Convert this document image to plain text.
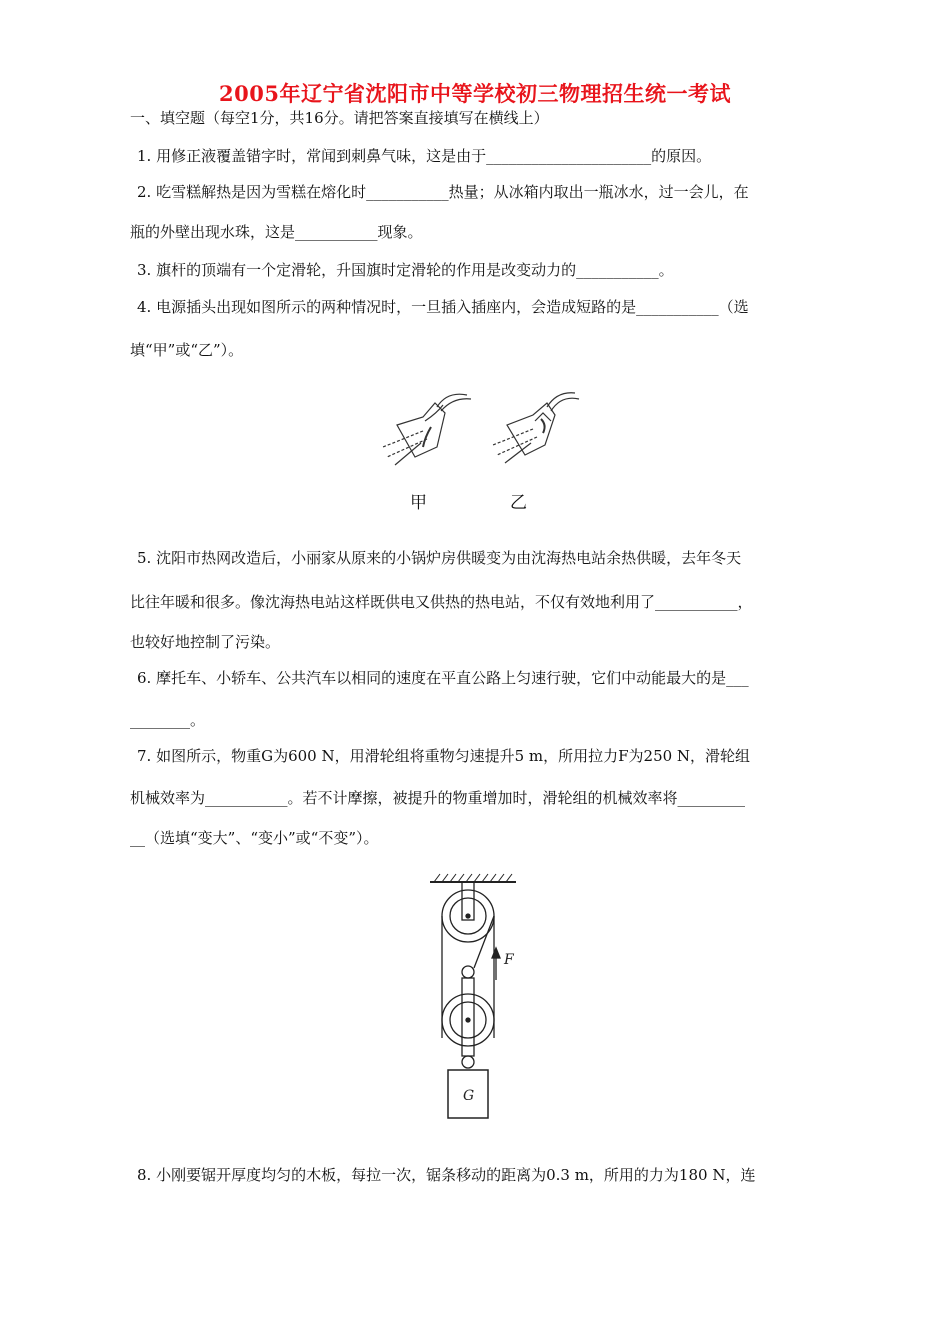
2005年辽宁省沈阳市中等学校初三物理招生统一考试
一、填空题（每空1分，共16分。请把答案直接填写在横线上）
1. 用修正液覆盖错字时，常闻到刺鼻气味，这是由于______________________的原因。
2. 吃雪糕解热是因为雪糕在熔化时___________热量；从冰箱内取出一瓶冰水，过一会儿，在
瓶的外壁出现水珠，这是___________现象。
3. 旗杆的顶端有一个定滑轮，升国旗时定滑轮的作用是改变动力的___________。
4. 电源插头出现如图所示的两种情况时，一旦插入插座内，会造成短路的是___________（选
填“甲”或“乙”）。
甲	乙
5. 沈阳市热网改造后，小丽家从原来的小锅炉房供暖变为由沈海热电站余热供暖，去年冬天
比往年暖和很多。像沈海热电站这样既供电又供热的热电站，不仅有效地利用了___________，
也较好地控制了污染。
6. 摩托车、小轿车、公共汽车以相同的速度在平直公路上匀速行驶，它们中动能最大的是___
________。
7. 如图所示，物重G为600 N，用滑轮组将重物匀速提升5 m，所用拉力F为250 N，滑轮组
机械效率为___________。若不计摩擦，被提升的物重增加时，滑轮组的机械效率将_________
__（选填“变大”、“变小”或“不变”）。
F
G
8. 小刚要锯开厚度均匀的木板，每拉一次，锯条移动的距离为0.3 m，所用的力为180 N，连
